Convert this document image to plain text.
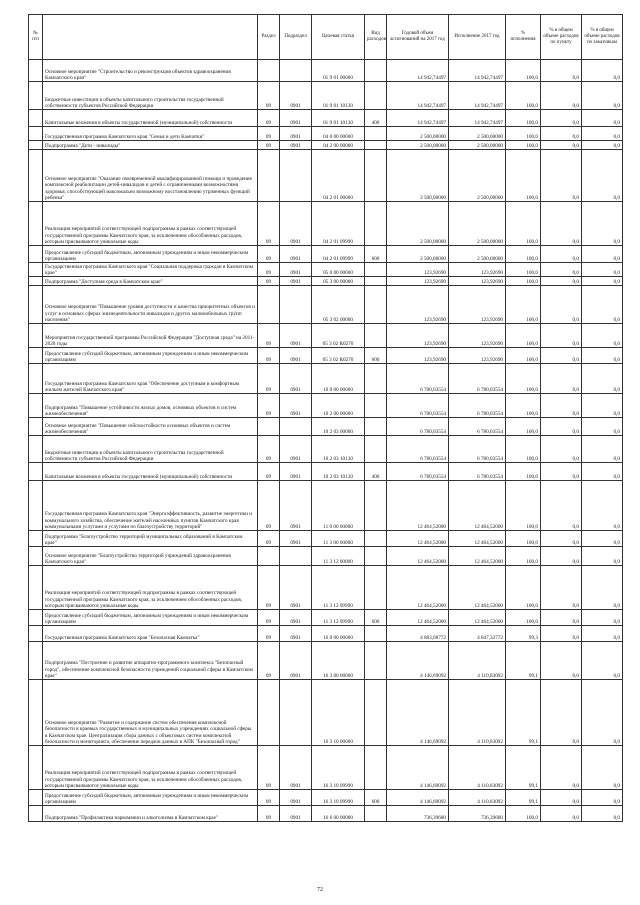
№ п/п		Раздел	Подраздел	Целевая статья	Вид расходов	Годовой объем ассигнований на 2017 год	Исполнение 2017 год	% исполнения	% в общем объеме расходов по пункту	% в общем объеме расходов по заказчикам
	Основное мероприятие "Строительство и реконструкция объектов здравоохранения Камчатского края"			01 9 01 00000		14 942,74497	14 942,74497	100,0	0,0	0,0
	Бюджетные инвестиции в объекты капитального строительства государственной собственности субъектов Российской Федерации	09	0901	01 9 01 10130		14 942,74497	14 942,74497	100,0	0,0	0,0
	Капитальные вложения в объекты государственной (муниципальной) собственности	09	0901	01 9 01 10130	400	14 942,74497	14 942,74497	100,0	0,0	0,0
	Государственная программа Камчатского края "Семья и дети Камчатки"	09	0901	04 0 00 00000		2 500,00000	2 500,00000	100,0	0,0	0,0
	Подпрограмма "Дети - инвалиды"	09	0901	04 2 00 00000		2 500,00000	2 500,00000	100,0	0,0	0,0
	Основное мероприятие "Оказание своевременной квалифицированной помощи и проведение комплексной реабилитации детей-инвалидов и детей с ограниченными возможностями здоровья, способствующей максимально возможному восстановлению утраченных функций ребенка"			04 2 01 00000		2 500,00000	2 500,00000	100,0	0,0	0,0
	Реализация мероприятий соответствующей подпрограммы в рамках соответствующей государственной программы Камчатского края, за исключением обособленных расходов, которым присваиваются уникальные коды	09	0901	04 2 01 09990		2 500,00000	2 500,00000	100,0	0,0	0,0
	Предоставление субсидий бюджетным, автономным учреждениям и иным некоммерческим организациям	09	0901	04 2 01 09990	600	2 500,00000	2 500,00000	100,0	0,0	0,0
	Государственная программа Камчатского края "Социальная поддержка граждан в Камчатском крае"	09	0901	05 0 00 00000		123,92690	123,92690	100,0	0,0	0,0
	Подпрограмма "Доступная среда в Камчатском крае"	09	0901	05 3 00 00000		123,92690	123,92690	100,0	0,0	0,0
	Основное мероприятие "Повышение уровня доступности и качества приоритетных объектов и услуг в основных сферах жизнедеятельности инвалидов и других маломобильных групп населения"			05 3 02 00000		123,92690	123,92690	100,0	0,0	0,0
	Мероприятия государственной программы Российской Федерации "Доступная среда" на 2011-2020 годы	09	0901	05 3 02 R0270		123,92690	123,92690	100,0	0,0	0,0
	Предоставление субсидий бюджетным, автономным учреждениям и иным некоммерческим организациям	09	0901	05 3 02 R0270	600	123,92690	123,92690	100,0	0,0	0,0
	Государственная программа Камчатского края "Обеспечение доступным и комфортным жильем жителей Камчатского края"	09	0901	10 0 00 00000		6 780,03554	6 780,03554	100,0	0,0	0,0
	Подпрограмма "Повышение устойчивости жилых домов, основных объектов и систем жизнеобеспечения"	09	0901	10 2 00 00000		6 780,03554	6 780,03554	100,0	0,0	0,0
	Основное мероприятие "Повышение сейсмостойкости основных объектов и систем жизнеобеспечения"			10 2 03 00000		6 780,03554	6 780,03554	100,0	0,0	0,0
	Бюджетные инвестиции в объекты капитального строительства государственной собственности субъектов Российской Федерации	09	0901	10 2 03 10130		6 780,03554	6 780,03554	100,0	0,0	0,0
	Капитальные вложения в объекты государственной (муниципальной) собственности	09	0901	10 2 03 10130	400	6 780,03554	6 780,03554	100,0	0,0	0,0
	Государственная программа Камчатского края "Энергоэффективность, развитие энергетики и коммунального хозяйства, обеспечение жителей населенных пунктов Камчатского края коммунальными услугами и услугами по благоустройству территорий"	09	0901	11 0 00 00000		12 464,52000	12 464,52000	100,0	0,0	0,0
	Подпрограмма "Благоустройство территорий муниципальных образований в Камчатском крае"	09	0901	11 3 00 00000		12 464,52000	12 464,52000	100,0	0,0	0,0
	Основное мероприятие "Благоустройство территорий учреждений здравоохранения Камчатского края"			11 3 12 00000		12 464,52000	12 464,52000	100,0	0,0	0,0
	Реализация мероприятий соответствующей подпрограммы в рамках соответствующей государственной программы Камчатского края, за исключением обособленных расходов, которым присваиваются уникальные коды	09	0901	11 3 12 09990		12 464,52000	12 464,52000	100,0	0,0	0,0
	Предоставление субсидий бюджетным, автономным учреждениям и иным некоммерческим организациям	09	0901	11 3 12 09990	600	12 464,52000	12 464,52000	100,0	0,0	0,0
	Государственная программа Камчатского края "Безопасная Камчатка"	09	0901	16 0 00 00000		4 883,08772	4 847,32772	99,3	0,0	0,0
	Подпрограмма "Построение и развитие аппаратно-программного комплекса "Безопасный город", обеспечение комплексной безопасности учреждений социальной сферы в Камчатском крае"	09	0901	16 3 00 00000		4 146,69092	4 110,83092	99,1	0,0	0,0
	Основное мероприятие "Развитие и содержание систем обеспечения комплексной безопасности в краевых государственных и муниципальных учреждениях социальной сферы в Камчатском крае. Централизация сбора данных с объектовых систем комплексной безопасности и мониторинга, обеспечение передачи данных в АПК "Безопасный город"			16 3 10 00000		4 146,69092	4 110,83092	99,1	0,0	0,0
	Реализация мероприятий соответствующей подпрограммы в рамках соответствующей государственной программы Камчатского края, за исключением обособленных расходов, которым присваиваются уникальные коды	09	0901	16 3 10 09990		4 146,69092	4 110,83092	99,1	0,0	0,0
	Предоставление субсидий бюджетным, автономным учреждениям и иным некоммерческим организациям	09	0901	16 3 10 09990	600	4 146,69092	4 110,83092	99,1	0,0	0,0
	Подпрограмма "Профилактика наркомании и алкоголизма в Камчатском крае"	09	0901	16 6 00 00000		736,39680	736,39680	100,0	0,0	0,0
72
